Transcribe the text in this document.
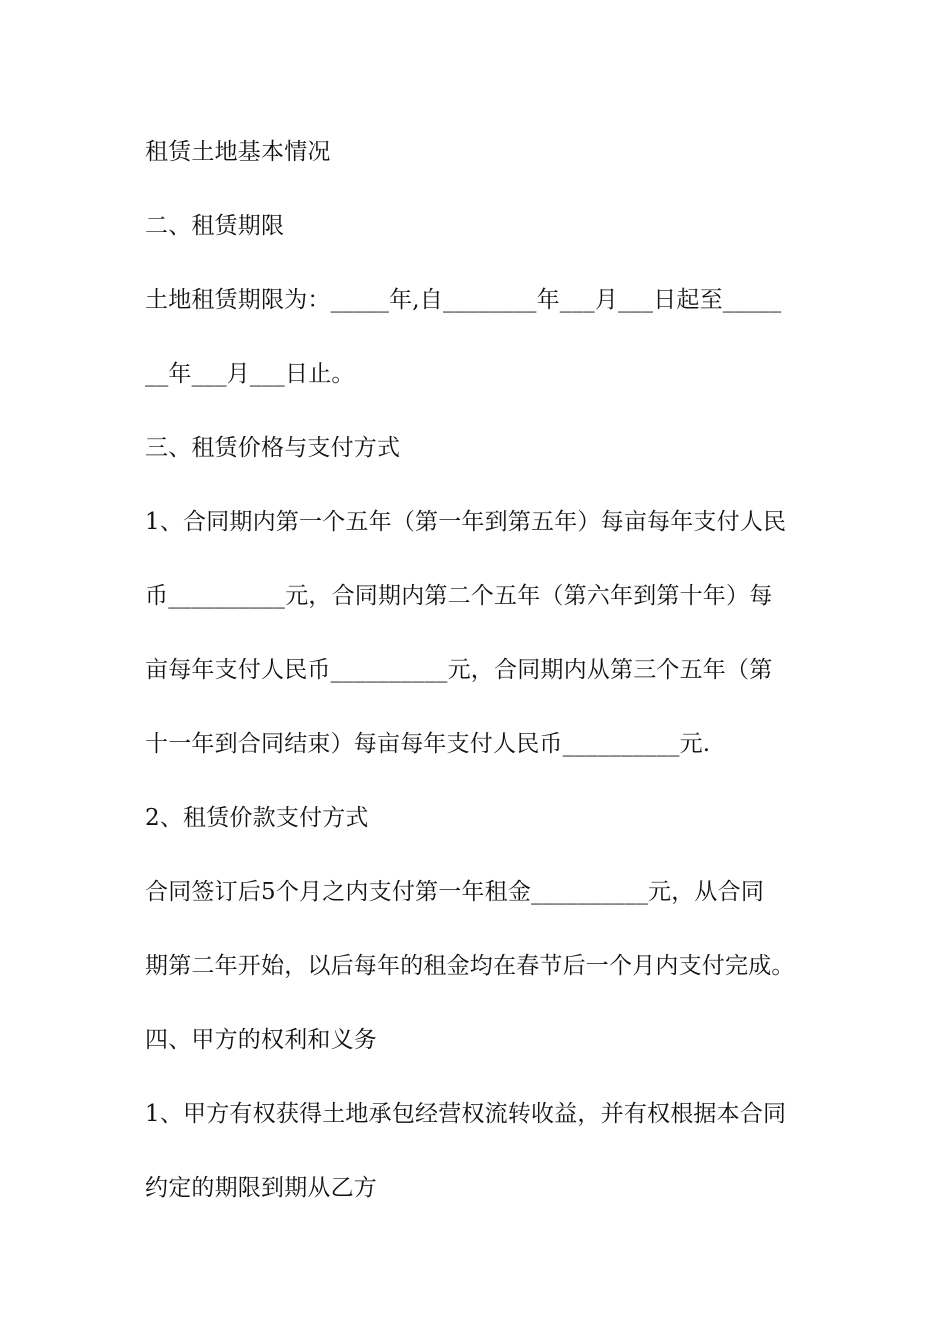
租赁土地基本情况
二、租赁期限
土地租赁期限为：_____年,自________年___月___日起至_____
__年___月___日止。
三、租赁价格与支付方式
1、合同期内第一个五年（第一年到第五年）每亩每年支付人民
币__________元，合同期内第二个五年（第六年到第十年）每
亩每年支付人民币__________元，合同期内从第三个五年（第
十一年到合同结束）每亩每年支付人民币__________元.
2、租赁价款支付方式
合同签订后5个月之内支付第一年租金__________元，从合同
期第二年开始，以后每年的租金均在春节后一个月内支付完成。
四、甲方的权利和义务
1、甲方有权获得土地承包经营权流转收益，并有权根据本合同
约定的期限到期从乙方
